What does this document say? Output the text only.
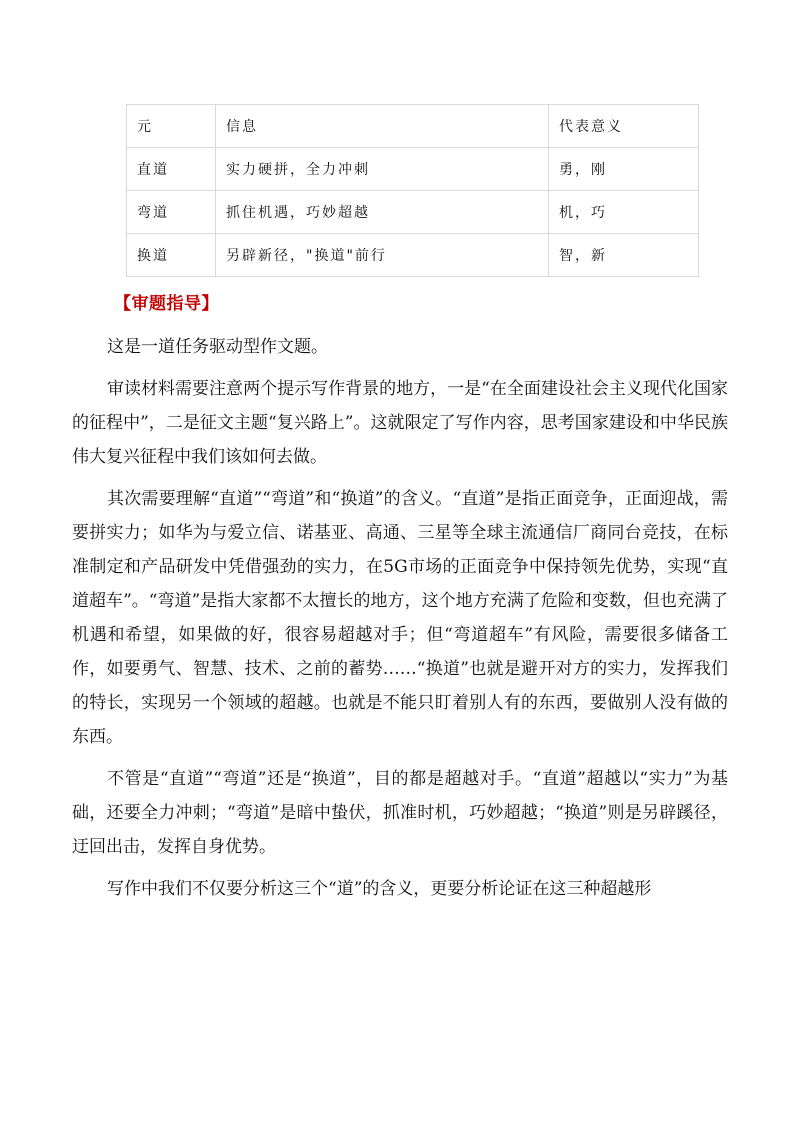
元	信息	代表意义
直道	实力硬拼，全力冲刺	勇，刚
弯道	抓住机遇，巧妙超越	机，巧
换道	另辟新径，"换道"前行	智，新
【审题指导】

这是一道任务驱动型作文题。

审读材料需要注意两个提示写作背景的地方，一是“在全面建设社会主义现代化国家的征程中”，二是征文主题“复兴路上”。这就限定了写作内容，思考国家建设和中华民族伟大复兴征程中我们该如何去做。

其次需要理解“直道”“弯道”和“换道”的含义。“直道”是指正面竞争，正面迎战，需要拼实力；如华为与爱立信、诺基亚、高通、三星等全球主流通信厂商同台竞技，在标准制定和产品研发中凭借强劲的实力，在5G市场的正面竞争中保持领先优势，实现“直道超车”。“弯道”是指大家都不太擅长的地方，这个地方充满了危险和变数，但也充满了机遇和希望，如果做的好，很容易超越对手；但“弯道超车”有风险，需要很多储备工作，如要勇气、智慧、技术、之前的蓄势……“换道”也就是避开对方的实力，发挥我们的特长，实现另一个领域的超越。也就是不能只盯着别人有的东西，要做别人没有做的东西。

不管是“直道”“弯道”还是“换道”，目的都是超越对手。“直道”超越以“实力”为基础，还要全力冲刺；“弯道”是暗中蛰伏，抓准时机，巧妙超越；“换道”则是另辟蹊径，迂回出击，发挥自身优势。

写作中我们不仅要分析这三个“道”的含义，更要分析论证在这三种超越形
